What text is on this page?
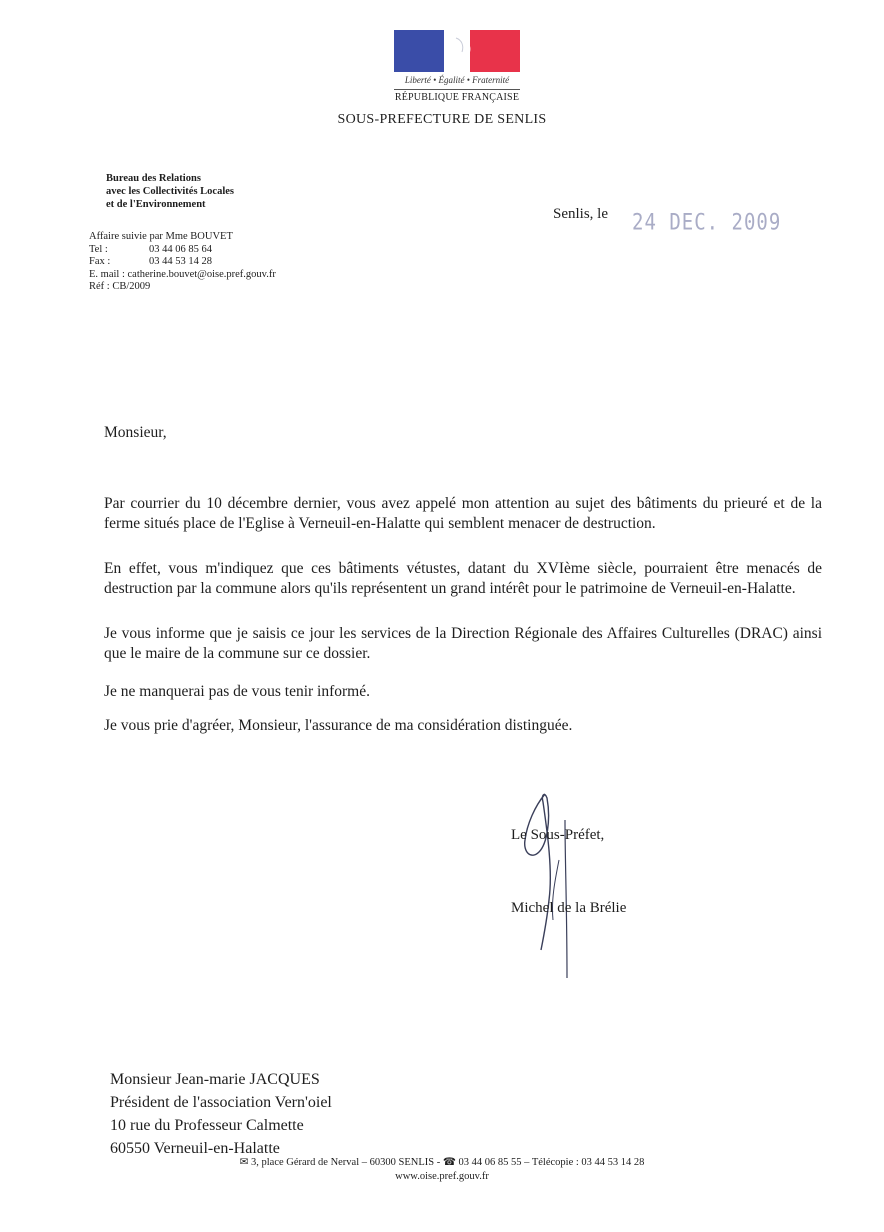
Liberté • Égalité • Fraternité
RÉPUBLIQUE FRANÇAISE
SOUS-PREFECTURE DE SENLIS
Bureau des Relations
avec les Collectivités Locales
et de l'Environnement
Affaire suivie par Mme BOUVET
Tel :	03 44 06 85 64
Fax :	03 44 53 14 28
E. mail : catherine.bouvet@oise.pref.gouv.fr
Réf : CB/2009
Senlis, le 24 DEC. 2009
Monsieur,
Par courrier du 10 décembre dernier, vous avez appelé mon attention au sujet des bâtiments du prieuré et de la ferme situés place de l'Eglise à Verneuil-en-Halatte qui semblent menacer de destruction.
En effet, vous m'indiquez que ces bâtiments vétustes, datant du XVIème siècle, pourraient être menacés de destruction par la commune alors qu'ils représentent un grand intérêt pour le patrimoine de Verneuil-en-Halatte.
Je vous informe que je saisis ce jour les services de la Direction Régionale des Affaires Culturelles (DRAC) ainsi que le maire de la commune sur ce dossier.
Je ne manquerai pas de vous tenir informé.
Je vous prie d'agréer, Monsieur, l'assurance de ma considération distinguée.
Le Sous-Préfet,
Michel de la Brélie
Monsieur Jean-marie JACQUES
Président de l'association Vern'oiel
10 rue du Professeur Calmette
60550 Verneuil-en-Halatte
✉ 3, place Gérard de Nerval – 60300 SENLIS - ☎ 03 44 06 85 55 – Télécopie : 03 44 53 14 28
www.oise.pref.gouv.fr
